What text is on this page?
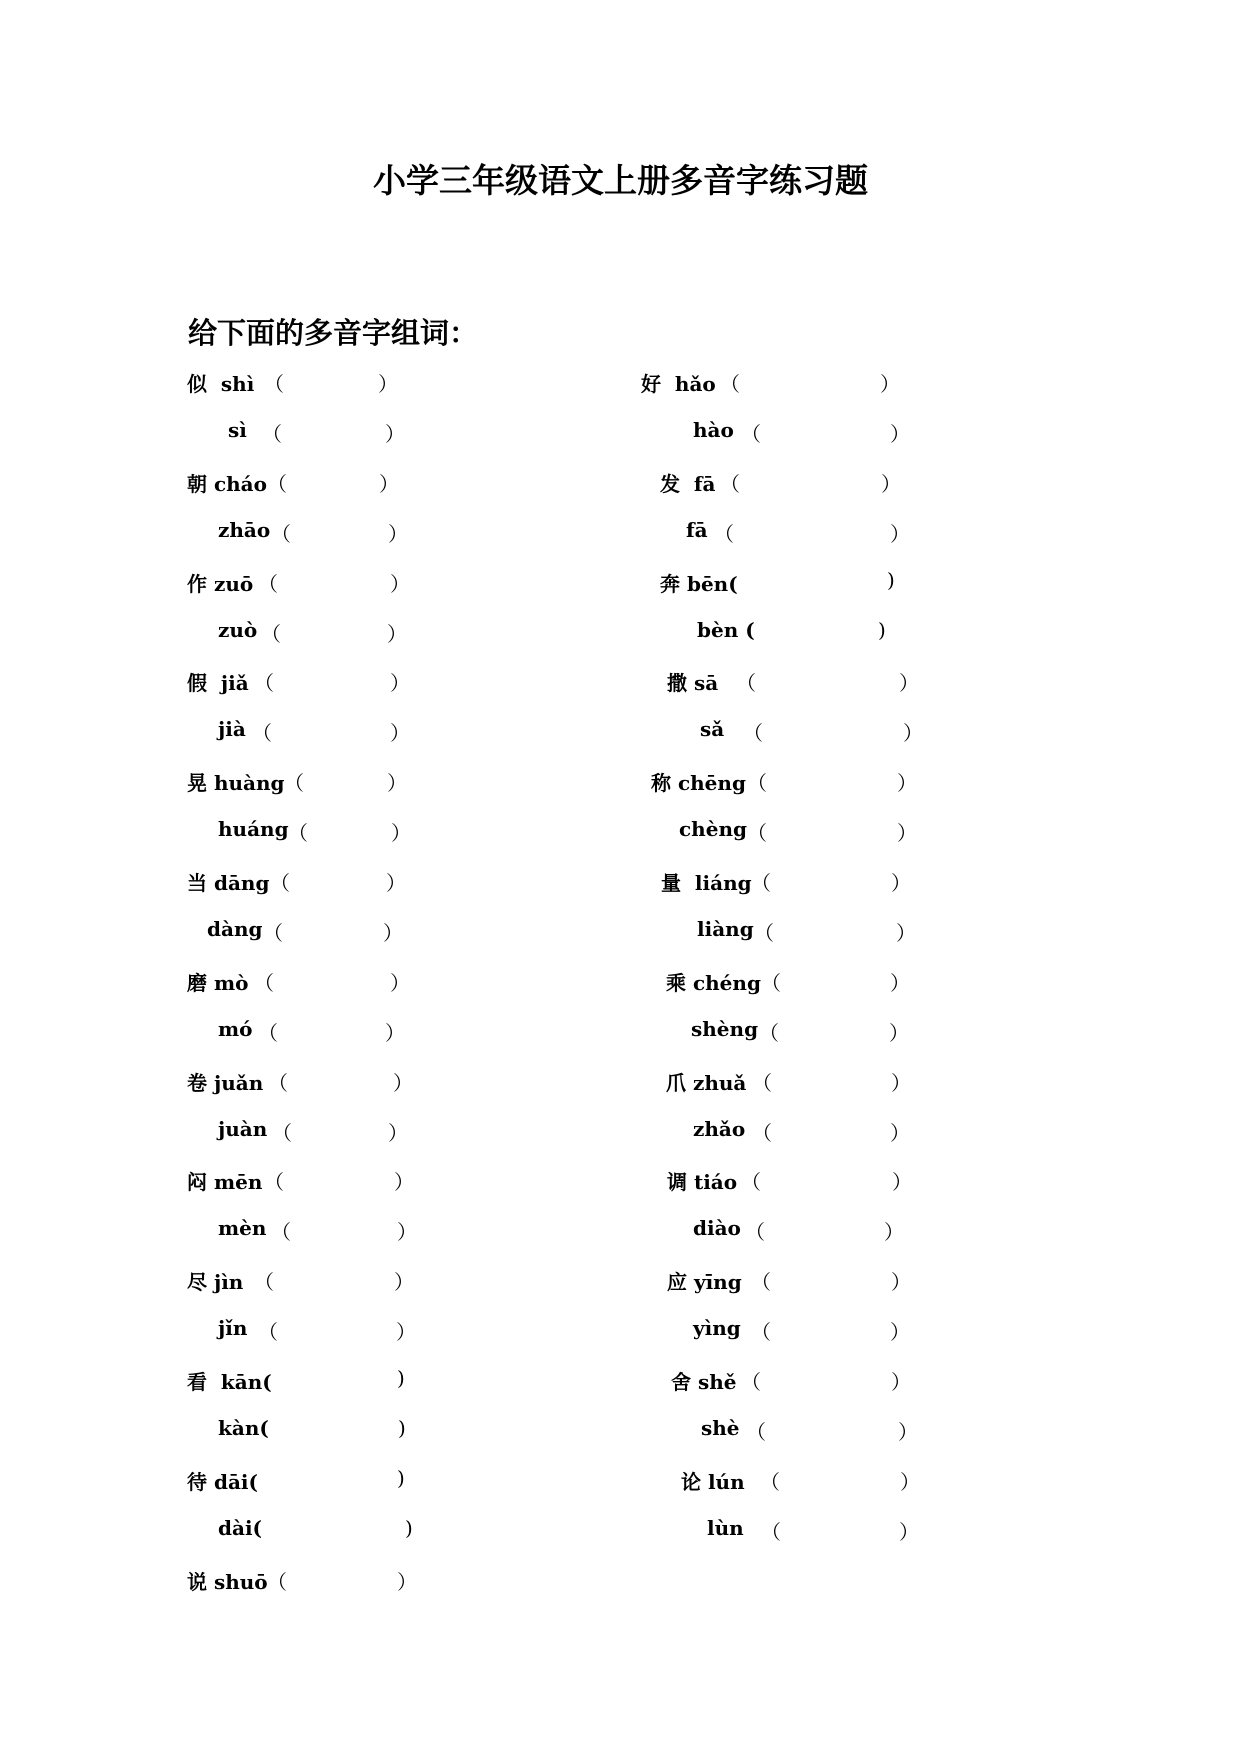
小学三年级语文上册多音字练习题
给下面的多音字组词：
似  shì （	）
sì （	）
朝 cháo （	）
zhāo （	）
作 zuō （	）
zuò （	）
假  jiǎ （	）
jià （	）
晃 huàng （	）
huáng （	）
当 dāng （	）
dàng （	）
磨 mò （	）
mó （	）
卷 juǎn （	）
juàn （	）
闷 mēn （	）
mèn （	）
尽 jìn （	）
jǐn （	）
看  kān(	)
kàn(	)
待 dāi(	)
dài(	)
说 shuō （	）
好  hǎo （	）
hào （	）
发  fā （	）
fā （	）
奔 bēn(	)
bèn (	)
撒 sā （	）
sǎ （	）
称 chēng （	）
chèng （	）
量  liáng （	）
liàng （	）
乘 chéng （	）
shèng （	）
爪 zhuǎ （	）
zhǎo （	）
调 tiáo （	）
diào （	）
应 yīng （	）
yìng （	）
舍 shě （	）
shè （	）
论 lún （	）
lùn （	）
